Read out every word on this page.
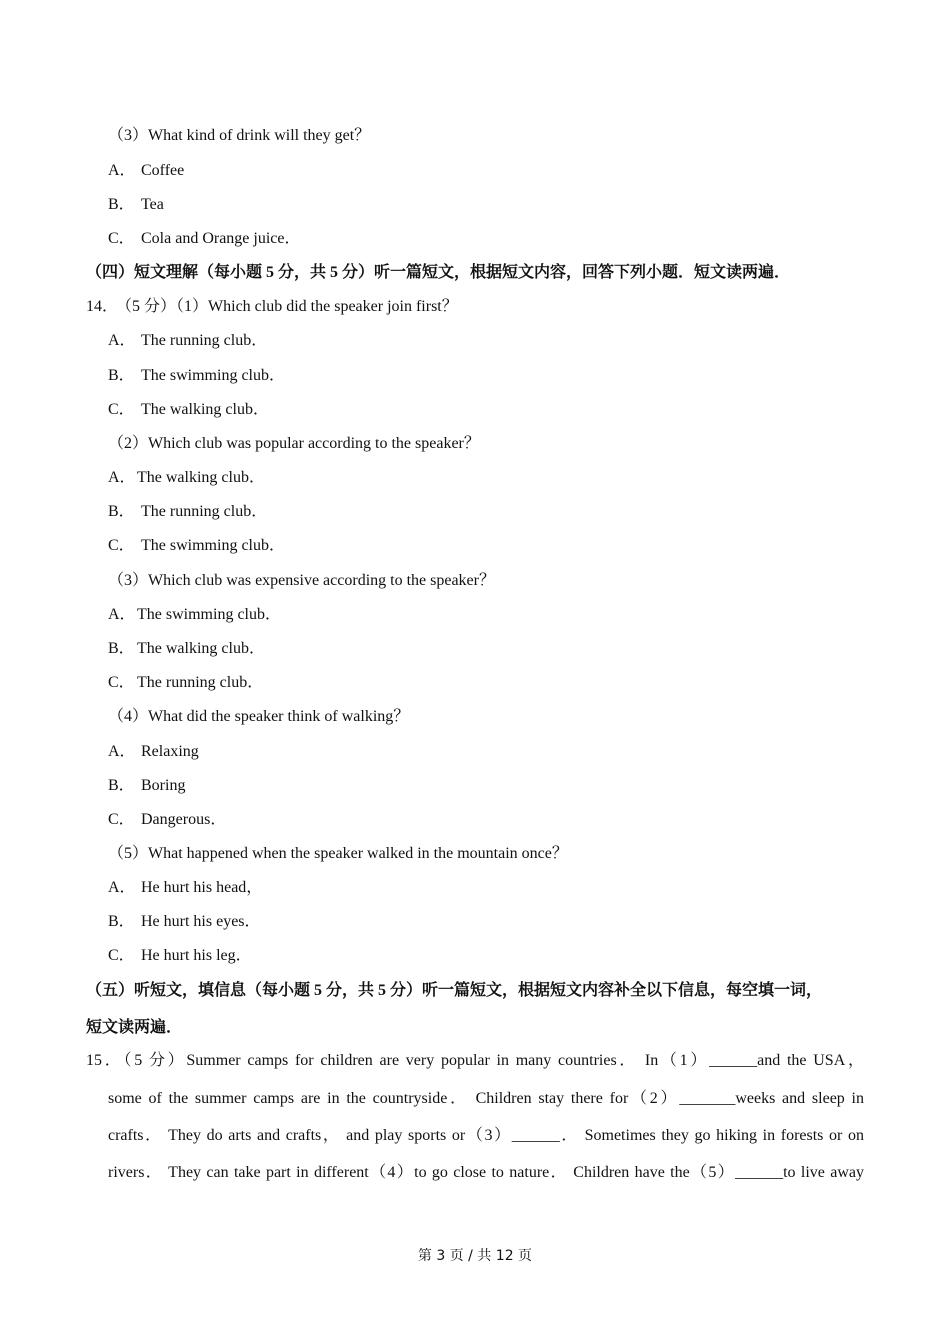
（3）What kind of drink will they get？
A． Coffee
B． Tea
C． Cola and Orange juice．
（四）短文理解（每小题 5 分，共 5 分）听一篇短文，根据短文内容，回答下列小题．短文读两遍．
14． （5 分）（1）Which club did the speaker join first？
A． The running club．
B． The swimming club．
C． The walking club．
（2）Which club was popular according to the speaker？
A．The walking club．
B． The running club．
C． The swimming club．
（3）Which club was expensive according to the speaker？
A．The swimming club．
B． The walking club．
C． The running club．
（4）What did the speaker think of walking？
A． Relaxing
B． Boring
C． Dangerous．
（5）What happened when the speaker walked in the mountain once？
A． He hurt his head，
B． He hurt his eyes．
C． He hurt his leg．
（五）听短文，填信息（每小题 5 分，共 5 分）听一篇短文，根据短文内容补全以下信息，每空填一词，
短文读两遍．
15．（5 分）Summer camps for children are very popular in many countries． In（1）______and the USA，
some of the summer camps are in the countryside． Children stay there for（2）_______weeks and sleep in
crafts． They do arts and crafts， and play sports or（3）______． Sometimes they go hiking in forests or on
rivers． They can take part in different（4）to go close to nature． Children have the（5）______to live away
第 3 页 / 共 12 页
